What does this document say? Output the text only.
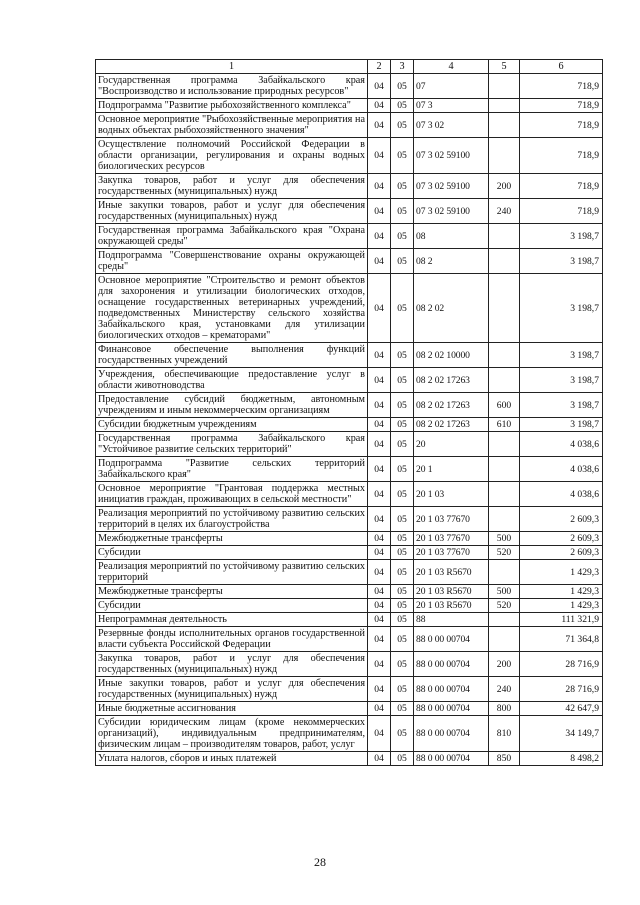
1	2	3	4	5	6
Государственная программа Забайкальского края "Воспроизводство и использование природных ресурсов"	04	05	07		718,9
Подпрограмма "Развитие рыбохозяйственного комплекса"	04	05	07 3		718,9
Основное мероприятие "Рыбохозяйственные мероприятия на водных объектах рыбохозяйственного значения"	04	05	07 3 02		718,9
Осуществление полномочий Российской Федерации в области организации, регулирования и охраны водных биологических ресурсов	04	05	07 3 02 59100		718,9
Закупка товаров, работ и услуг для обеспечения государственных (муниципальных) нужд	04	05	07 3 02 59100	200	718,9
Иные закупки товаров, работ и услуг для обеспечения государственных (муниципальных) нужд	04	05	07 3 02 59100	240	718,9
Государственная программа Забайкальского края "Охрана окружающей среды"	04	05	08		3 198,7
Подпрограмма "Совершенствование охраны окружающей среды"	04	05	08 2		3 198,7
Основное мероприятие "Строительство и ремонт объектов для захоронения и утилизации биологических отходов, оснащение государственных ветеринарных учреждений, подведомственных Министерству сельского хозяйства Забайкальского края, установками для утилизации биологических отходов – крематорами"	04	05	08 2 02		3 198,7
Финансовое обеспечение выполнения функций государственных учреждений	04	05	08 2 02 10000		3 198,7
Учреждения, обеспечивающие предоставление услуг в области животноводства	04	05	08 2 02 17263		3 198,7
Предоставление субсидий бюджетным, автономным учреждениям и иным некоммерческим организациям	04	05	08 2 02 17263	600	3 198,7
Субсидии бюджетным учреждениям	04	05	08 2 02 17263	610	3 198,7
Государственная программа Забайкальского края "Устойчивое развитие сельских территорий"	04	05	20		4 038,6
Подпрограмма "Развитие сельских территорий Забайкальского края"	04	05	20 1		4 038,6
Основное мероприятие "Грантовая поддержка местных инициатив граждан, проживающих в сельской местности"	04	05	20 1 03		4 038,6
Реализация мероприятий по устойчивому развитию сельских территорий в целях их благоустройства	04	05	20 1 03 77670		2 609,3
Межбюджетные трансферты	04	05	20 1 03 77670	500	2 609,3
Субсидии	04	05	20 1 03 77670	520	2 609,3
Реализация мероприятий по устойчивому развитию сельских территорий	04	05	20 1 03 R5670		1 429,3
Межбюджетные трансферты	04	05	20 1 03 R5670	500	1 429,3
Субсидии	04	05	20 1 03 R5670	520	1 429,3
Непрограммная деятельность	04	05	88		111 321,9
Резервные фонды исполнительных органов государственной власти субъекта Российской Федерации	04	05	88 0 00 00704		71 364,8
Закупка товаров, работ и услуг для обеспечения государственных (муниципальных) нужд	04	05	88 0 00 00704	200	28 716,9
Иные закупки товаров, работ и услуг для обеспечения государственных (муниципальных) нужд	04	05	88 0 00 00704	240	28 716,9
Иные бюджетные ассигнования	04	05	88 0 00 00704	800	42 647,9
Субсидии юридическим лицам (кроме некоммерческих организаций), индивидуальным предпринимателям, физическим лицам – производителям товаров, работ, услуг	04	05	88 0 00 00704	810	34 149,7
Уплата налогов, сборов и иных платежей	04	05	88 0 00 00704	850	8 498,2
28
